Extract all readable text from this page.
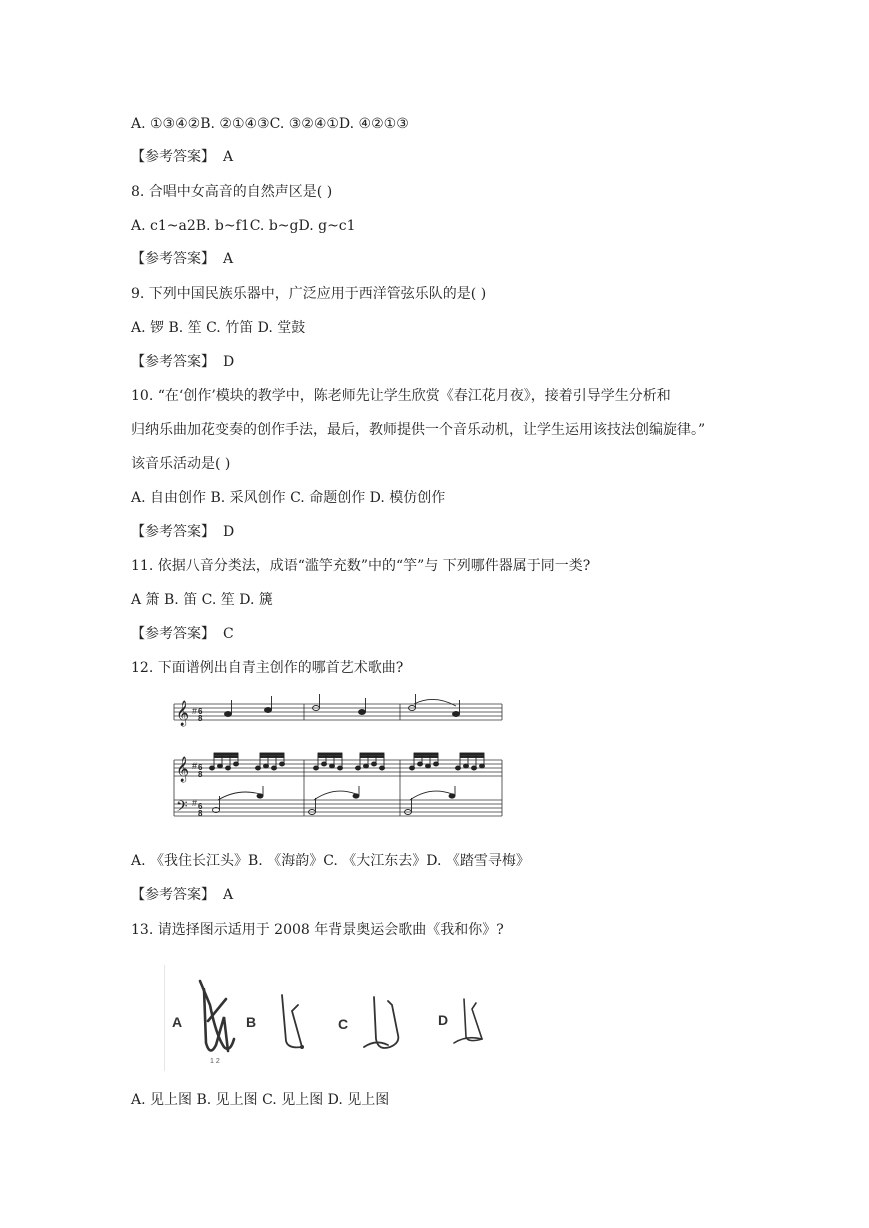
A. ①③④②B. ②①④③C. ③②④①D. ④②①③
【参考答案】 A
8. 合唱中女高音的自然声区是( )
A. c1~a2B. b~f1C. b~gD. g~c1
【参考答案】 A
9. 下列中国民族乐器中，广泛应用于西洋管弦乐队的是( )
A. 锣 B. 笙 C. 竹笛 D. 堂鼓
【参考答案】 D
10. “在‘创作’模块的教学中，陈老师先让学生欣赏《春江花月夜》，接着引导学生分析和
归纳乐曲加花变奏的创作手法，最后，教师提供一个音乐动机，让学生运用该技法创编旋律。”
该音乐活动是( )
A. 自由创作 B. 采风创作 C. 命题创作 D. 模仿创作
【参考答案】 D
11. 依据八音分类法，成语“滥竽充数”中的“竽”与 下列哪件器属于同一类?
A 箫 B. 笛 C. 笙 D. 篪
【参考答案】 C
12. 下面谱例出自青主创作的哪首艺术歌曲?
𝄞 # 6
8
𝄞 # 6
8
𝄢 # 6
8
A. 《我住长江头》B. 《海韵》C. 《大江东去》D. 《踏雪寻梅》
【参考答案】 A
13. 请选择图示适用于 2008 年背景奥运会歌曲《我和你》?
A
1 2
B	C	D
A. 见上图 B. 见上图 C. 见上图 D. 见上图
